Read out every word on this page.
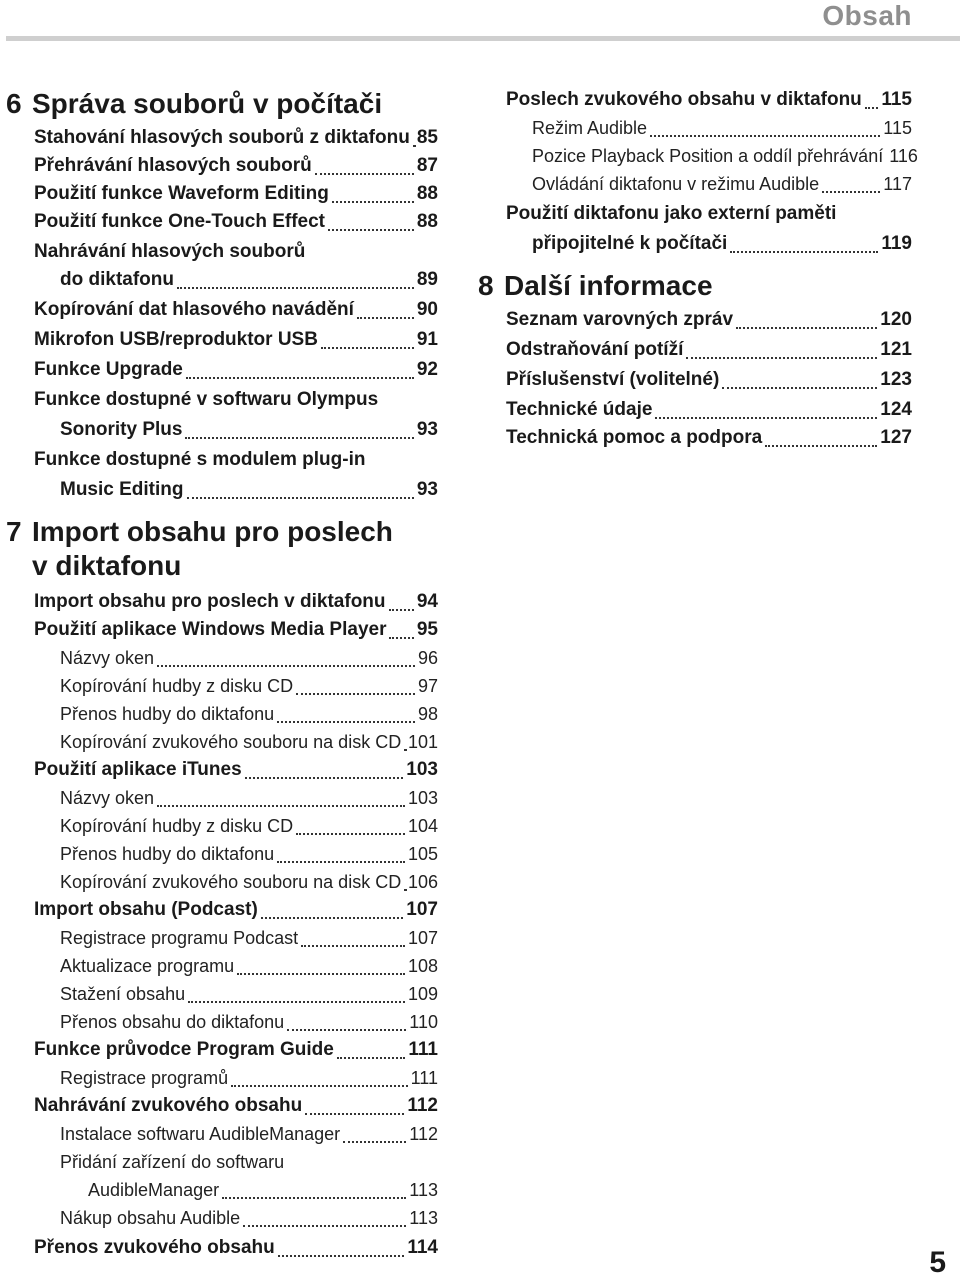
Obsah
6 Správa souborů v počítači
Stahování hlasových souborů z diktafonu 85
Přehrávání hlasových souborů	87
Použití funkce Waveform Editing	88
Použití funkce One-Touch Effect	88
Nahrávání hlasových souborů
do diktafonu	89
Kopírování dat hlasového navádění	90
Mikrofon USB/reproduktor USB	91
Funkce Upgrade	92
Funkce dostupné v softwaru Olympus
Sonority Plus	93
Funkce dostupné s modulem plug-in
Music Editing	93
7 Import obsahu pro poslech
v diktafonu
Import obsahu pro poslech v diktafonu 94
Použití aplikace Windows Media Player 95
Názvy oken	96
Kopírování hudby z disku CD	97
Přenos hudby do diktafonu	98
Kopírování zvukového souboru na disk CD 101
Použití aplikace iTunes	103
Názvy oken	103
Kopírování hudby z disku CD	104
Přenos hudby do diktafonu	105
Kopírování zvukového souboru na disk CD 106
Import obsahu (Podcast)	107
Registrace programu Podcast	107
Aktualizace programu	108
Stažení obsahu	109
Přenos obsahu do diktafonu	110
Funkce průvodce Program Guide	111
Registrace programů	111
Nahrávání zvukového obsahu	112
Instalace softwaru AudibleManager	112
Přidání zařízení do softwaru
AudibleManager	113
Nákup obsahu Audible	113
Přenos zvukového obsahu	114
Poslech zvukového obsahu v diktafonu 115
Režim Audible	115
Pozice Playback Position a oddíl přehrávání 116
Ovládání diktafonu v režimu Audible	117
Použití diktafonu jako externí paměti
připojitelné k počítači	119
8 Další informace
Seznam varovných zpráv	120
Odstraňování potíží	121
Příslušenství (volitelné)	123
Technické údaje	124
Technická pomoc a podpora	127
5
